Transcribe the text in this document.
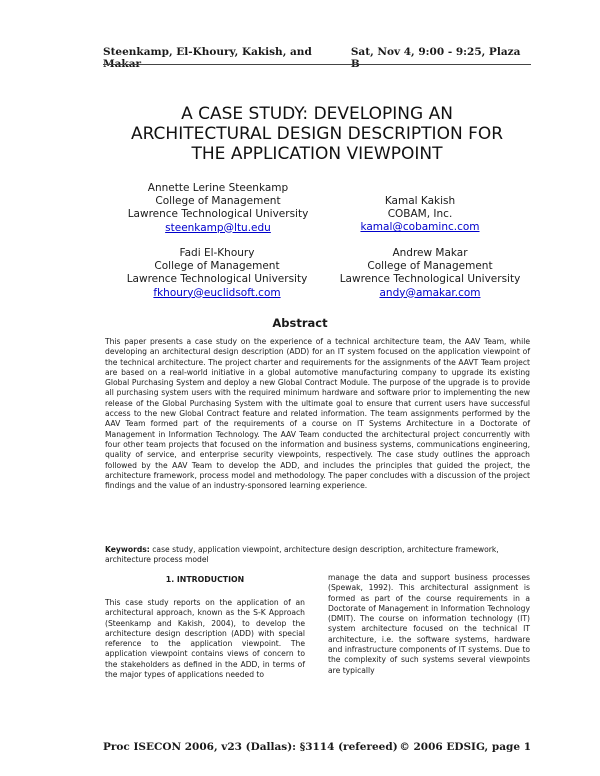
Steenkamp, El-Khoury, Kakish, and Makar
Sat, Nov 4, 9:00 - 9:25, Plaza B
A CASE STUDY: DEVELOPING AN
ARCHITECTURAL DESIGN DESCRIPTION FOR
THE APPLICATION VIEWPOINT
Annette Lerine Steenkamp
College of Management
Lawrence Technological University
steenkamp@ltu.edu
Kamal Kakish
COBAM, Inc.
kamal@cobaminc.com
Fadi El-Khoury
College of Management
Lawrence Technological University
fkhoury@euclidsoft.com
Andrew Makar
College of Management
Lawrence Technological University
andy@amakar.com
Abstract
This paper presents a case study on the experience of a technical architecture team, the AAV Team, while developing an architectural design description (ADD) for an IT system focused on the application viewpoint of the technical architecture. The project charter and requirements for the assignments of the AAVT Team project are based on a real-world initiative in a global automotive manufacturing company to upgrade its existing Global Purchasing System and deploy a new Global Contract Module. The purpose of the upgrade is to provide all purchasing system users with the required minimum hardware and software prior to implementing the new release of the Global Purchasing System with the ultimate goal to ensure that current users have successful access to the new Global Contract feature and related information. The team assignments performed by the AAV Team formed part of the requirements of a course on IT Systems Architecture in a Doctorate of Management in Information Technology. The AAV Team conducted the architectural project concurrently with four other team projects that focused on the information and business systems, communications engineering, quality of service, and enterprise security viewpoints, respectively. The case study outlines the approach followed by the AAV Team to develop the ADD, and includes the principles that guided the project, the architecture framework, process model and methodology. The paper concludes with a discussion of the project findings and the value of an industry-sponsored learning experience.
Keywords: case study, application viewpoint, architecture design description, architecture framework, architecture process model
1. INTRODUCTION
This case study reports on the application of an architectural approach, known as the S-K Approach (Steenkamp and Kakish, 2004), to develop the architecture design description (ADD) with special reference to the application viewpoint. The application viewpoint contains views of concern to the stakeholders as defined in the ADD, in terms of the major types of applications needed to
manage the data and support business processes (Spewak, 1992). This architectural assignment is formed as part of the course requirements in a Doctorate of Management in Information Technology (DMIT). The course on information technology (IT) system architecture focused on the technical IT architecture, i.e. the software systems, hardware and infrastructure components of IT systems. Due to the complexity of such systems several viewpoints are typically
Proc ISECON 2006, v23 (Dallas): §3114 (refereed) © 2006 EDSIG, page 1
